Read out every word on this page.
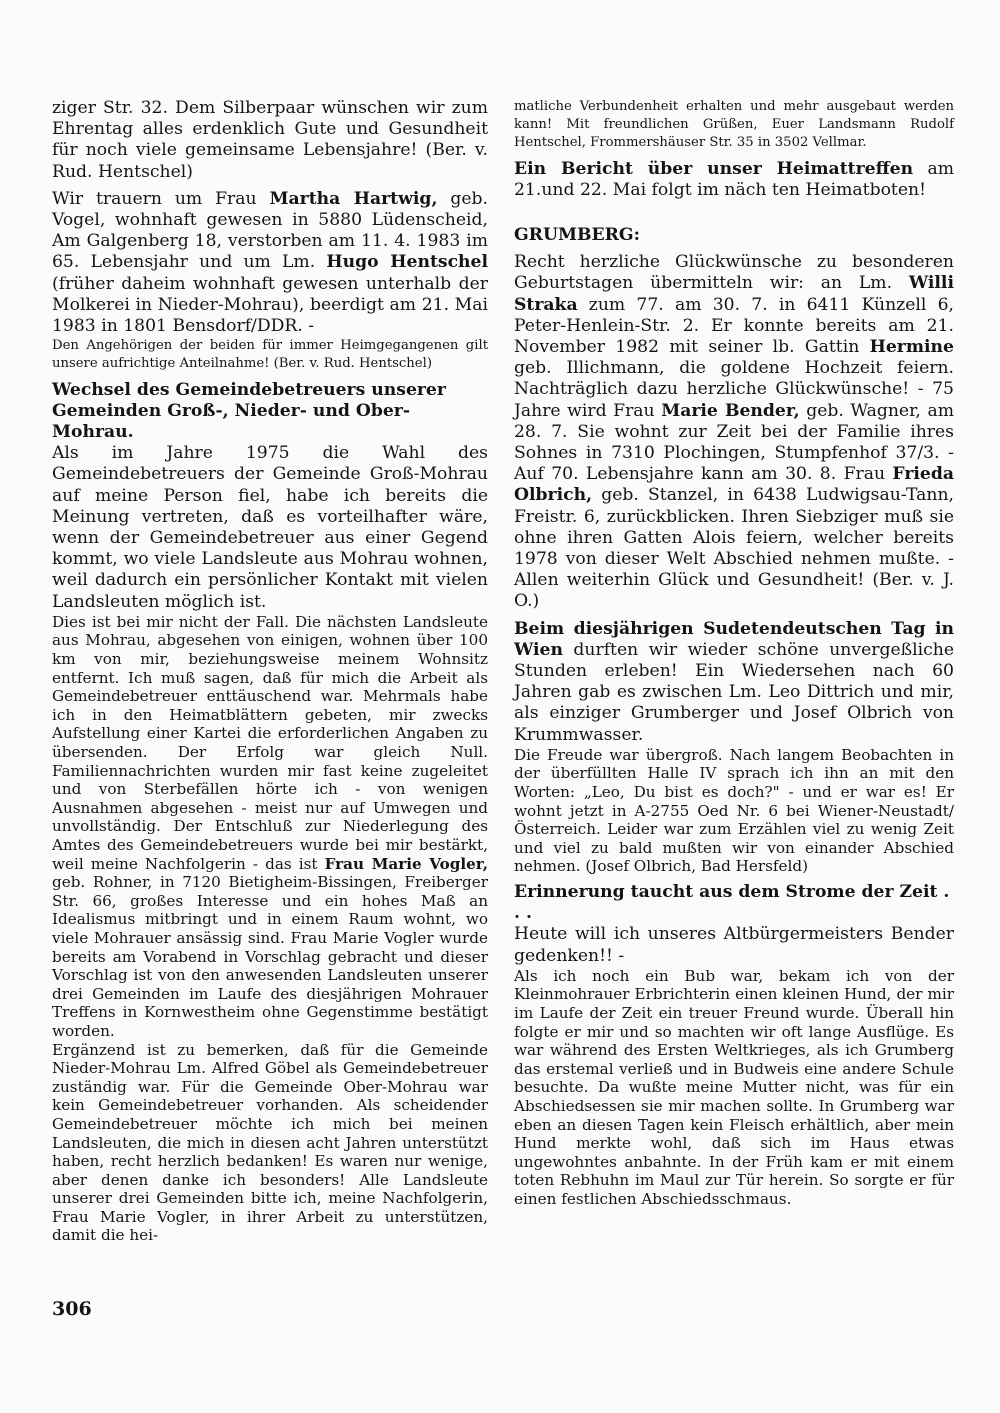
ziger Str. 32. Dem Silberpaar wünschen wir zum Ehrentag alles erdenklich Gute und Gesundheit für noch viele gemeinsame Lebensjahre! (Ber. v. Rud. Hentschel)

Wir trauern um Frau Martha Hartwig, geb. Vogel, wohnhaft gewesen in 5880 Lüdenscheid, Am Galgenberg 18, verstorben am 11. 4. 1983 im 65. Lebensjahr und um Lm. Hugo Hentschel (früher daheim wohnhaft gewesen unterhalb der Molkerei in Nieder-Mohrau), beerdigt am 21. Mai 1983 in 1801 Bensdorf/DDR. -

Den Angehörigen der beiden für immer Heimgegangenen gilt unsere aufrichtige Anteilnahme! (Ber. v. Rud. Hentschel)

Wechsel des Gemeindebetreuers unserer Gemeinden Groß-, Nieder- und Ober-Mohrau.

Als im Jahre 1975 die Wahl des Gemeindebetreuers der Gemeinde Groß-Mohrau auf meine Person fiel, habe ich bereits die Meinung vertreten, daß es vorteilhafter wäre, wenn der Gemeindebetreuer aus einer Gegend kommt, wo viele Landsleute aus Mohrau wohnen, weil dadurch ein persönlicher Kontakt mit vielen Landsleuten möglich ist.

Dies ist bei mir nicht der Fall. Die nächsten Landsleute aus Mohrau, abgesehen von einigen, wohnen über 100 km von mir, beziehungsweise meinem Wohnsitz entfernt. Ich muß sagen, daß für mich die Arbeit als Gemeindebetreuer enttäuschend war. Mehrmals habe ich in den Heimatblättern gebeten, mir zwecks Aufstellung einer Kartei die erforderlichen Angaben zu übersenden. Der Erfolg war gleich Null. Familiennachrichten wurden mir fast keine zugeleitet und von Sterbefällen hörte ich - von wenigen Ausnahmen abgesehen - meist nur auf Umwegen und unvollständig. Der Entschluß zur Niederlegung des Amtes des Gemeindebetreuers wurde bei mir bestärkt, weil meine Nachfolgerin - das ist Frau Marie Vogler, geb. Rohner, in 7120 Bietigheim-Bissingen, Freiberger Str. 66, großes Interesse und ein hohes Maß an Idealismus mitbringt und in einem Raum wohnt, wo viele Mohrauer ansässig sind. Frau Marie Vogler wurde bereits am Vorabend in Vorschlag gebracht und dieser Vorschlag ist von den anwesenden Landsleuten unserer drei Gemeinden im Laufe des diesjährigen Mohrauer Treffens in Kornwestheim ohne Gegenstimme bestätigt worden.

Ergänzend ist zu bemerken, daß für die Gemeinde Nieder-Mohrau Lm. Alfred Göbel als Gemeindebetreuer zuständig war. Für die Gemeinde Ober-Mohrau war kein Gemeindebetreuer vorhanden. Als scheidender Gemeindebetreuer möchte ich mich bei meinen Landsleuten, die mich in diesen acht Jahren unterstützt haben, recht herzlich bedanken! Es waren nur wenige, aber denen danke ich besonders! Alle Landsleute unserer drei Gemeinden bitte ich, meine Nachfolgerin, Frau Marie Vogler, in ihrer Arbeit zu unterstützen, damit die hei-

matliche Verbundenheit erhalten und mehr ausgebaut werden kann! Mit freundlichen Grüßen, Euer Landsmann Rudolf Hentschel, Frommershäuser Str. 35 in 3502 Vellmar.

Ein Bericht über unser Heimattreffen am 21.und 22. Mai folgt im näch ten Heimatboten!

GRUMBERG:

Recht herzliche Glückwünsche zu besonderen Geburtstagen übermitteln wir: an Lm. Willi Straka zum 77. am 30. 7. in 6411 Künzell 6, Peter-Henlein-Str. 2. Er konnte bereits am 21. November 1982 mit seiner lb. Gattin Hermine geb. Illichmann, die goldene Hochzeit feiern. Nachträglich dazu herzliche Glückwünsche! - 75 Jahre wird Frau Marie Bender, geb. Wagner, am 28. 7. Sie wohnt zur Zeit bei der Familie ihres Sohnes in 7310 Plochingen, Stumpfenhof 37/3. - Auf 70. Lebensjahre kann am 30. 8. Frau Frieda Olbrich, geb. Stanzel, in 6438 Ludwigsau-Tann, Freistr. 6, zurückblicken. Ihren Siebziger muß sie ohne ihren Gatten Alois feiern, welcher bereits 1978 von dieser Welt Abschied nehmen mußte. - Allen weiterhin Glück und Gesundheit! (Ber. v. J. O.)

Beim diesjährigen Sudetendeutschen Tag in Wien durften wir wieder schöne unvergeßliche Stunden erleben! Ein Wiedersehen nach 60 Jahren gab es zwischen Lm. Leo Dittrich und mir, als einziger Grumberger und Josef Olbrich von Krummwasser.

Die Freude war übergroß. Nach langem Beobachten in der überfüllten Halle IV sprach ich ihn an mit den Worten: „Leo, Du bist es doch?" - und er war es! Er wohnt jetzt in A-2755 Oed Nr. 6 bei Wiener-Neustadt/Österreich. Leider war zum Erzählen viel zu wenig Zeit und viel zu bald mußten wir von einander Abschied nehmen. (Josef Olbrich, Bad Hersfeld)

Erinnerung taucht aus dem Strome der Zeit . . .

Heute will ich unseres Altbürgermeisters Bender gedenken!! -

Als ich noch ein Bub war, bekam ich von der Kleinmohrauer Erbrichterin einen kleinen Hund, der mir im Laufe der Zeit ein treuer Freund wurde. Überall hin folgte er mir und so machten wir oft lange Ausflüge. Es war während des Ersten Weltkrieges, als ich Grumberg das erstemal verließ und in Budweis eine andere Schule besuchte. Da wußte meine Mutter nicht, was für ein Abschiedsessen sie mir machen sollte. In Grumberg war eben an diesen Tagen kein Fleisch erhältlich, aber mein Hund merkte wohl, daß sich im Haus etwas ungewohntes anbahnte. In der Früh kam er mit einem toten Rebhuhn im Maul zur Tür herein. So sorgte er für einen festlichen Abschiedsschmaus.

306
